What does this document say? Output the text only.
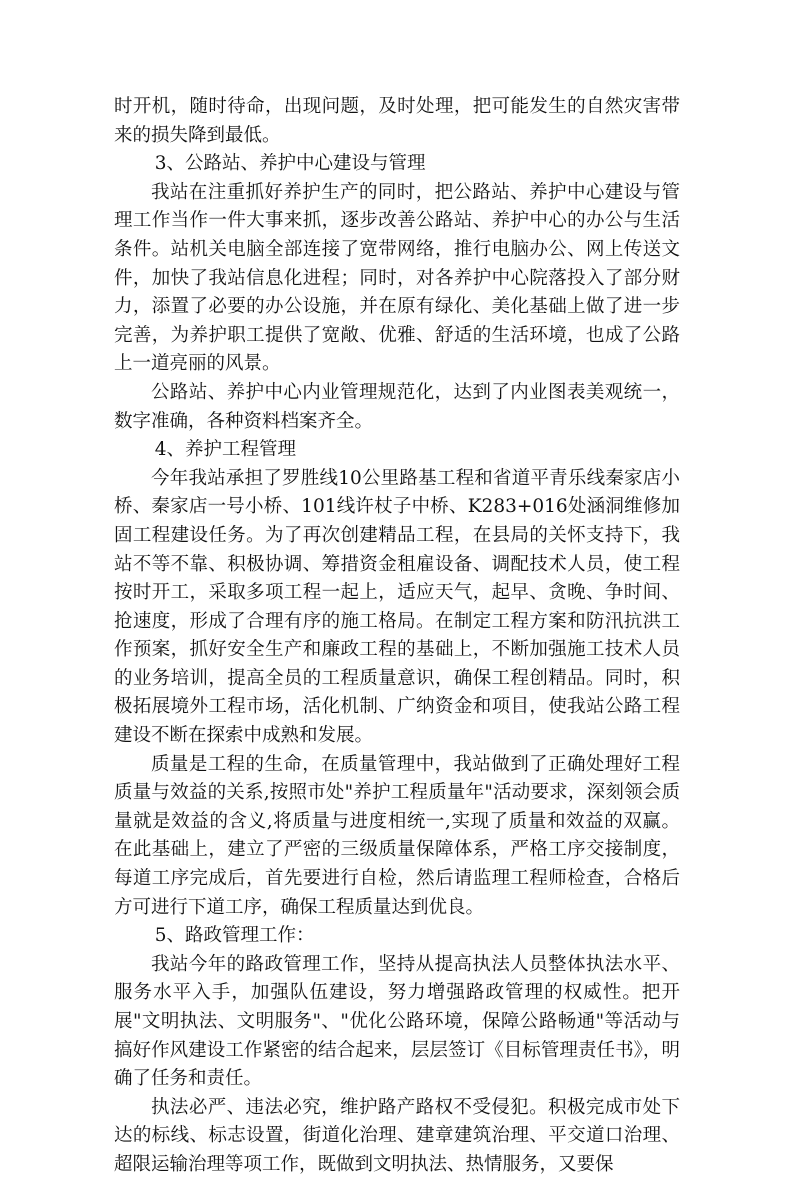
时开机，随时待命，出现问题，及时处理，把可能发生的自然灾害带来的损失降到最低。

3、公路站、养护中心建设与管理

我站在注重抓好养护生产的同时，把公路站、养护中心建设与管理工作当作一件大事来抓，逐步改善公路站、养护中心的办公与生活条件。站机关电脑全部连接了宽带网络，推行电脑办公、网上传送文件，加快了我站信息化进程；同时，对各养护中心院落投入了部分财力，添置了必要的办公设施，并在原有绿化、美化基础上做了进一步完善，为养护职工提供了宽敞、优雅、舒适的生活环境，也成了公路上一道亮丽的风景。

公路站、养护中心内业管理规范化，达到了内业图表美观统一，数字准确，各种资料档案齐全。

4、养护工程管理

今年我站承担了罗胜线10公里路基工程和省道平青乐线秦家店小桥、秦家店一号小桥、101线许杖子中桥、K283+016处涵洞维修加固工程建设任务。为了再次创建精品工程，在县局的关怀支持下，我站不等不靠、积极协调、筹措资金租雇设备、调配技术人员，使工程按时开工，采取多项工程一起上，适应天气，起早、贪晚、争时间、抢速度，形成了合理有序的施工格局。在制定工程方案和防汛抗洪工作预案，抓好安全生产和廉政工程的基础上，不断加强施工技术人员的业务培训，提高全员的工程质量意识，确保工程创精品。同时，积极拓展境外工程市场，活化机制、广纳资金和项目，使我站公路工程建设不断在探索中成熟和发展。

质量是工程的生命，在质量管理中，我站做到了正确处理好工程质量与效益的关系,按照市处"养护工程质量年"活动要求，深刻领会质量就是效益的含义,将质量与进度相统一,实现了质量和效益的双赢。在此基础上，建立了严密的三级质量保障体系，严格工序交接制度，每道工序完成后，首先要进行自检，然后请监理工程师检查，合格后方可进行下道工序，确保工程质量达到优良。

5、路政管理工作：

我站今年的路政管理工作，坚持从提高执法人员整体执法水平、服务水平入手，加强队伍建设，努力增强路政管理的权威性。把开展"文明执法、文明服务"、"优化公路环境，保障公路畅通"等活动与搞好作风建设工作紧密的结合起来，层层签订《目标管理责任书》，明确了任务和责任。

执法必严、违法必究，维护路产路权不受侵犯。积极完成市处下达的标线、标志设置，街道化治理、建章建筑治理、平交道口治理、超限运输治理等项工作，既做到文明执法、热情服务，又要保
